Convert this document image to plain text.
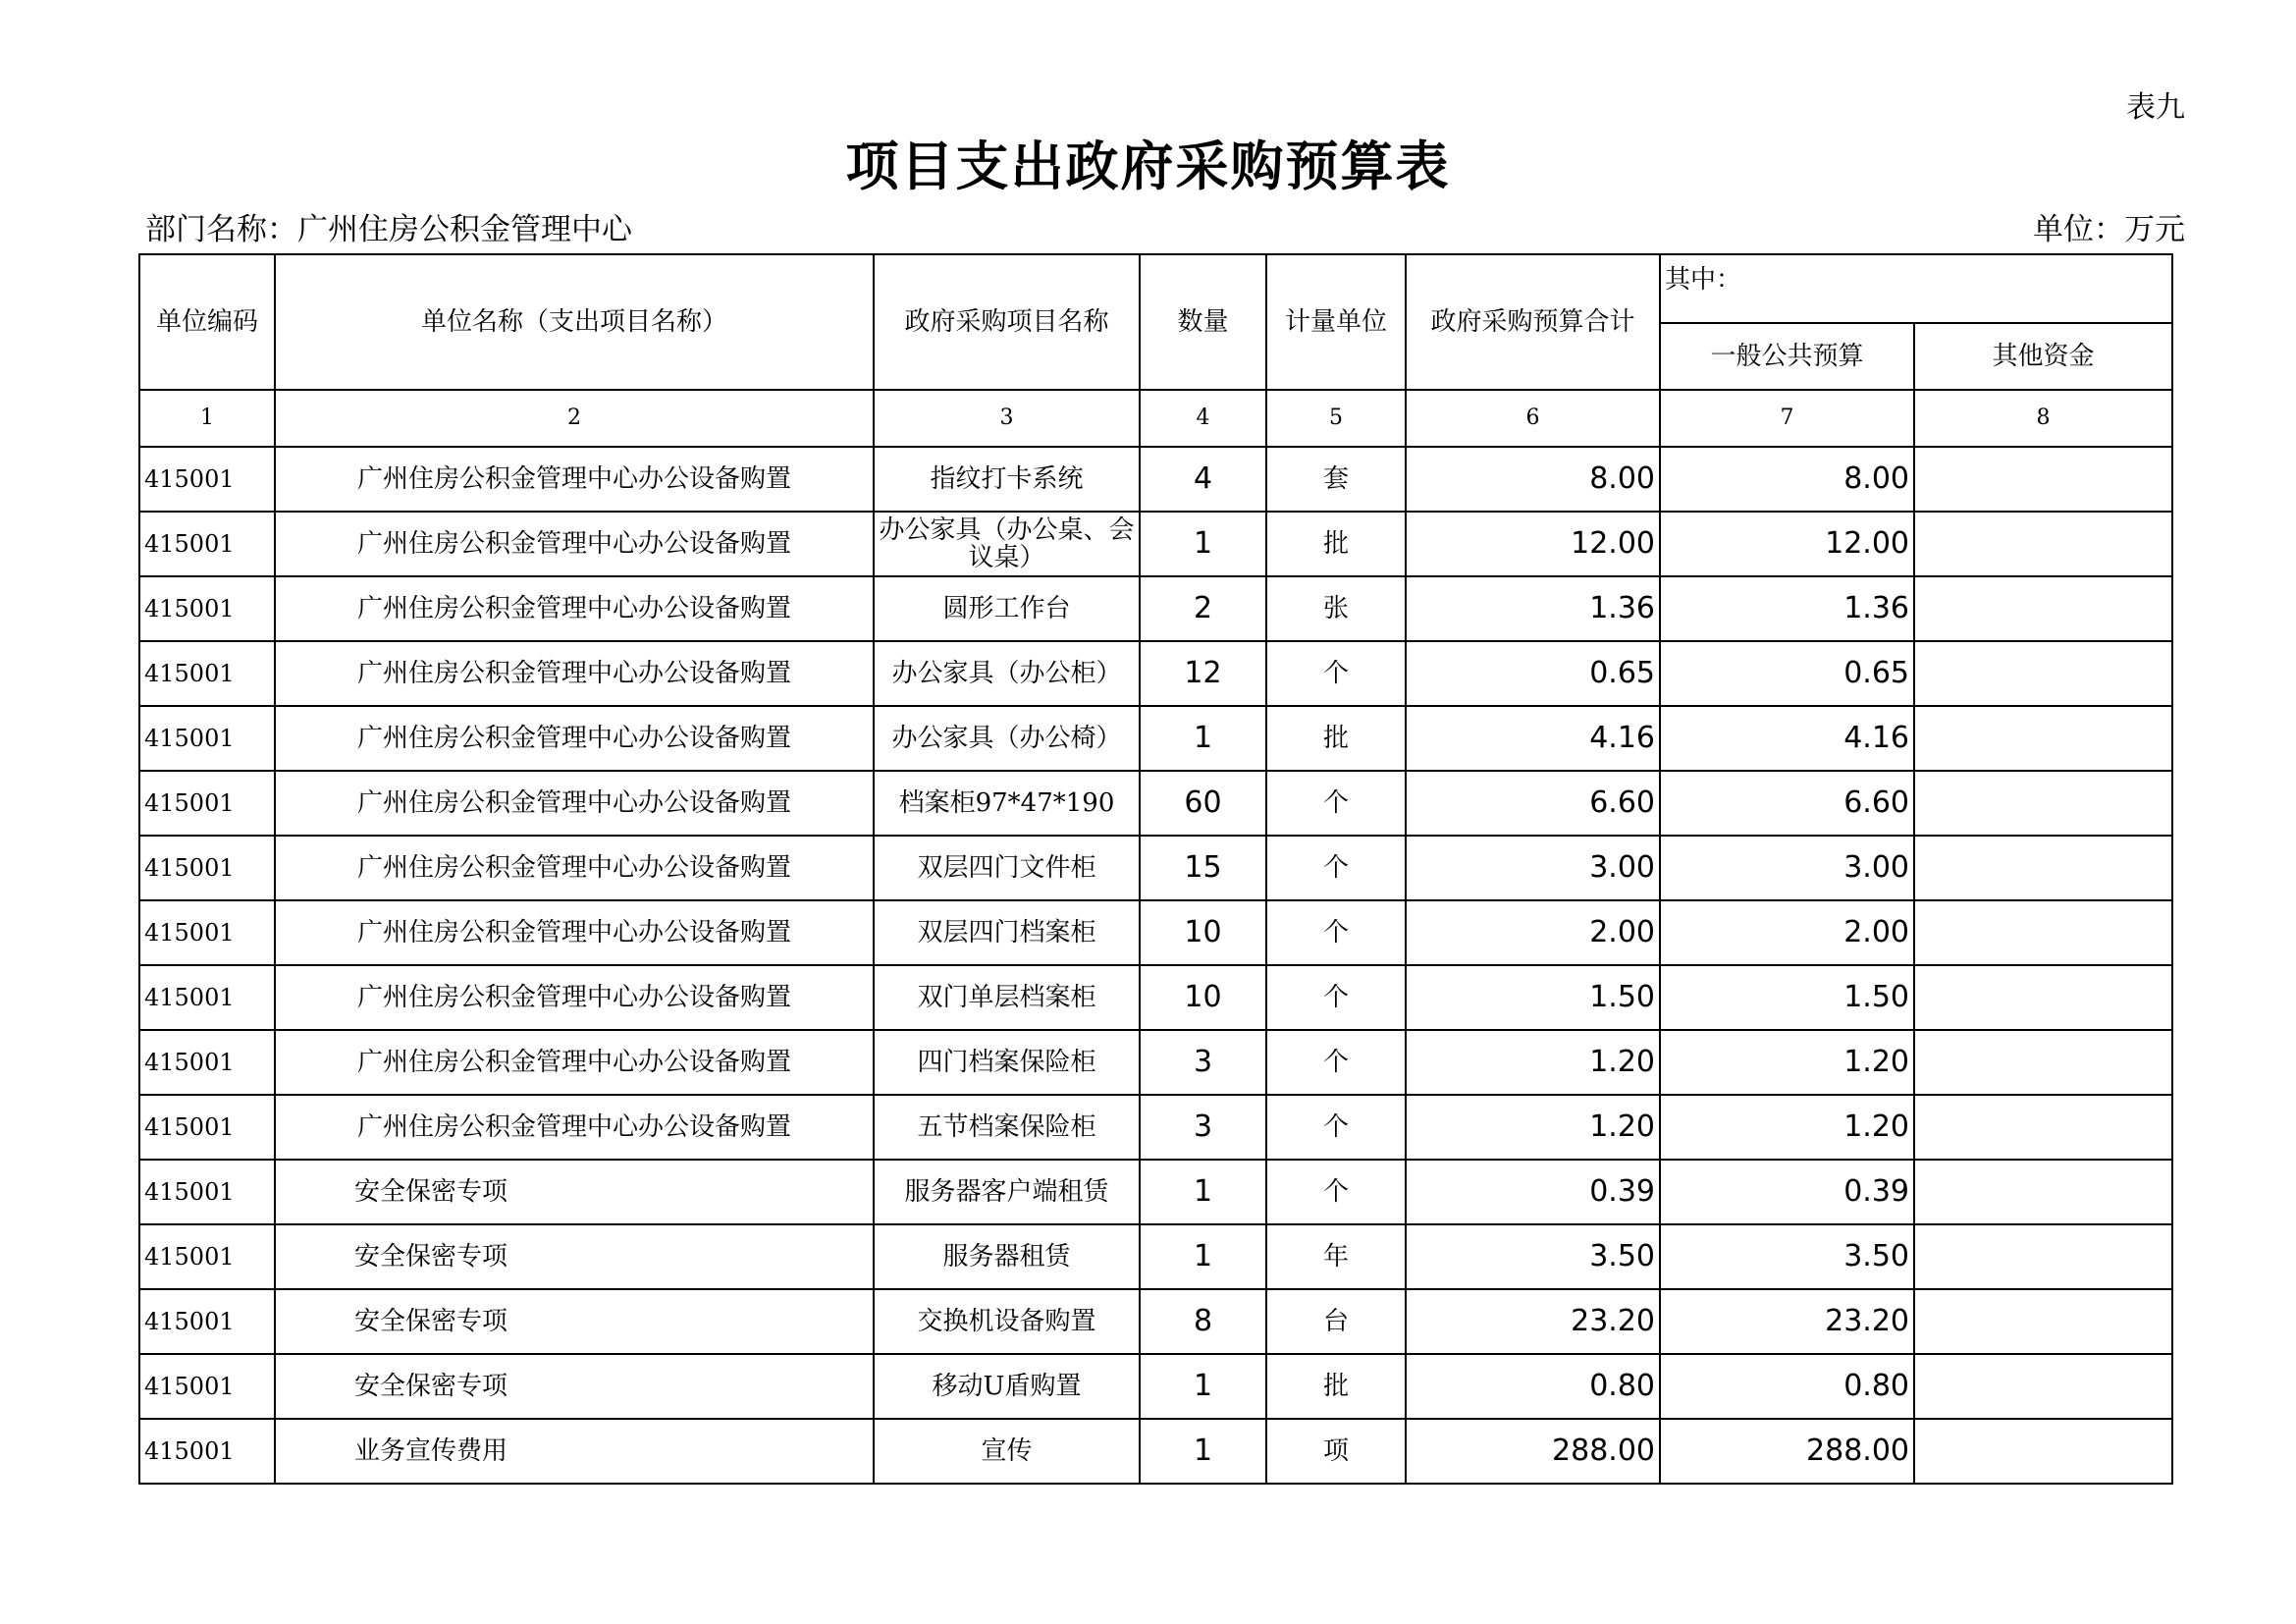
表九
项目支出政府采购预算表
部门名称：广州住房公积金管理中心	单位：万元
单位编码	单位名称（支出项目名称）	政府采购项目名称	数量	计量单位	政府采购预算合计	其中：	
						一般公共预算	其他资金
1	2	3	4	5	6	7	8
415001	广州住房公积金管理中心办公设备购置	指纹打卡系统	4	套	8.00	8.00	
415001	广州住房公积金管理中心办公设备购置	办公家具（办公桌、会议桌）	1	批	12.00	12.00	
415001	广州住房公积金管理中心办公设备购置	圆形工作台	2	张	1.36	1.36	
415001	广州住房公积金管理中心办公设备购置	办公家具（办公柜）	12	个	0.65	0.65	
415001	广州住房公积金管理中心办公设备购置	办公家具（办公椅）	1	批	4.16	4.16	
415001	广州住房公积金管理中心办公设备购置	档案柜97*47*190	60	个	6.60	6.60	
415001	广州住房公积金管理中心办公设备购置	双层四门文件柜	15	个	3.00	3.00	
415001	广州住房公积金管理中心办公设备购置	双层四门档案柜	10	个	2.00	2.00	
415001	广州住房公积金管理中心办公设备购置	双门单层档案柜	10	个	1.50	1.50	
415001	广州住房公积金管理中心办公设备购置	四门档案保险柜	3	个	1.20	1.20	
415001	广州住房公积金管理中心办公设备购置	五节档案保险柜	3	个	1.20	1.20	
415001	安全保密专项	服务器客户端租赁	1	个	0.39	0.39	
415001	安全保密专项	服务器租赁	1	年	3.50	3.50	
415001	安全保密专项	交换机设备购置	8	台	23.20	23.20	
415001	安全保密专项	移动U盾购置	1	批	0.80	0.80	
415001	业务宣传费用	宣传	1	项	288.00	288.00	
